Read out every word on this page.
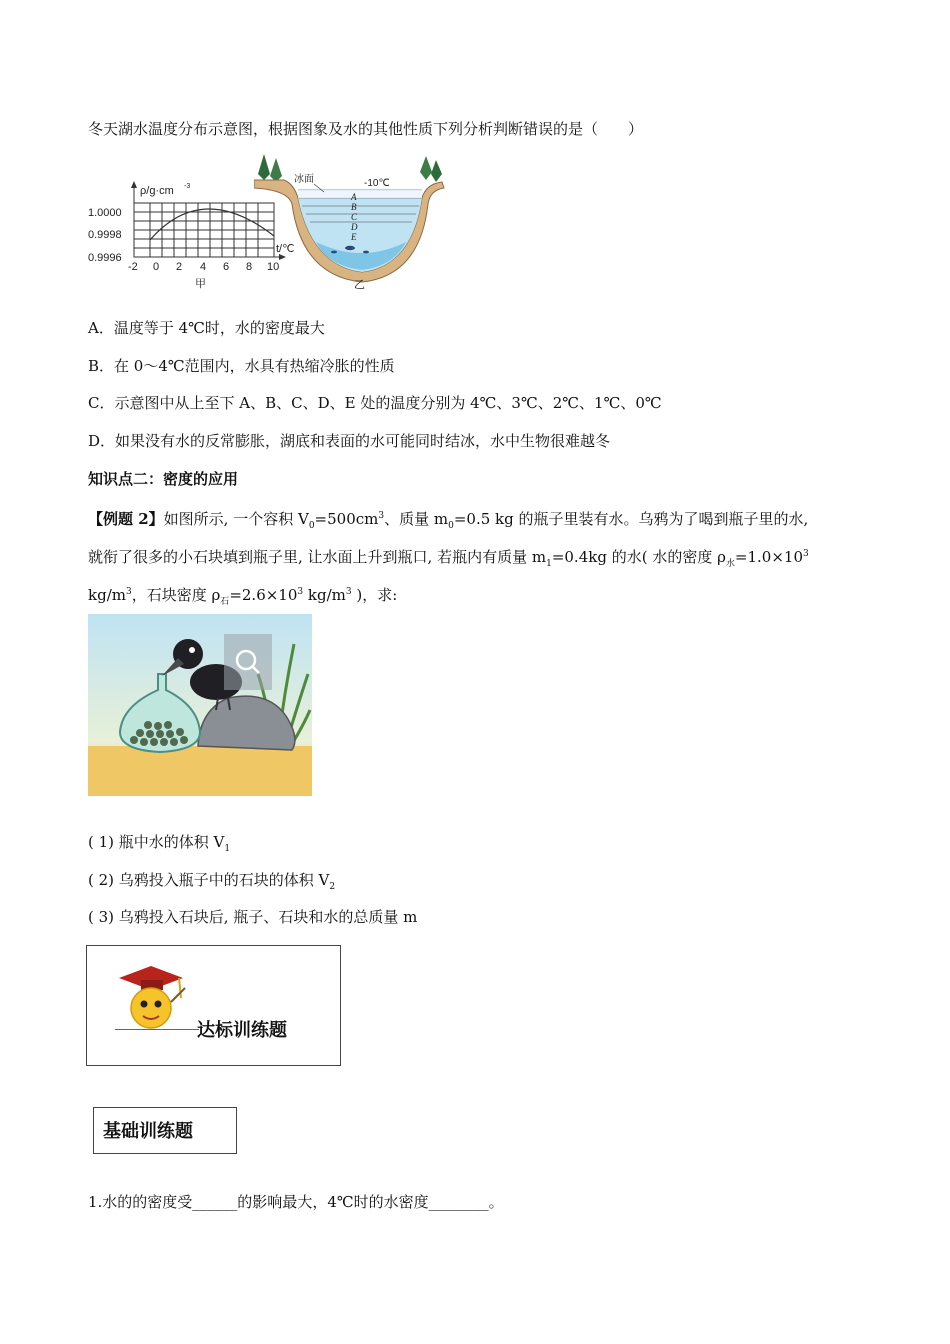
冬天湖水温度分布示意图，根据图象及水的其他性质下列分析判断错误的是（　　）
ρ/g·cm -3
t/℃
1.0000
0.9998
0.9996
-2 0 2 4 6 8 10
甲
冰面	-10℃
A
B
C
D
E
乙
A．温度等于 4℃时，水的密度最大
B．在 0～4℃范围内，水具有热缩冷胀的性质
C．示意图中从上至下 A、B、C、D、E 处的温度分别为 4℃、3℃、2℃、1℃、0℃
D．如果没有水的反常膨胀，湖底和表面的水可能同时结冰，水中生物很难越冬
知识点二：密度的应用
【例题 2】如图所示, 一个容积 $V_0=500cm^3$、质量 $m_0=0.5$ kg 的瓶子里装有水。乌鸦为了喝到瓶子里的水,
就衔了很多的小石块填到瓶子里, 让水面上升到瓶口, 若瓶内有质量 $m_1=0.4kg$ 的水( 水的密度 $\rho_水=1.0\times 10^3$
$kg/m^3$，石块密度 $\rho_石=2.6\times 10^3$ $kg/m^3$ )，求:
( 1) 瓶中水的体积 $V_1$
( 2) 乌鸦投入瓶子中的石块的体积 $V_2$
( 3) 乌鸦投入石块后, 瓶子、石块和水的总质量 m
达标训练题
基础训练题
1.水的的密度受______的影响最大，4℃时的水密度________。
